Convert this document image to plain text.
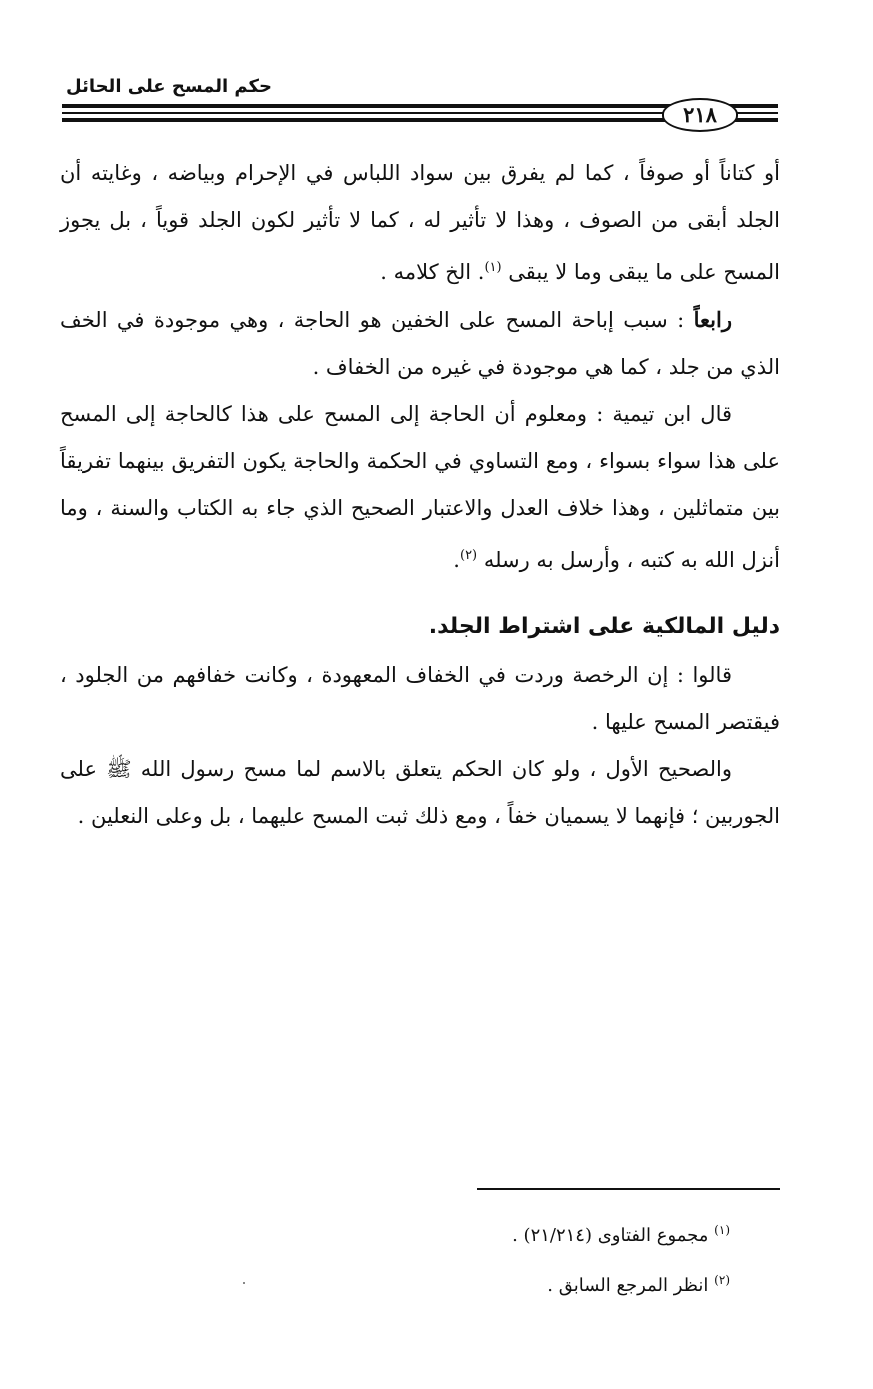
حكم المسح على الحائل
٢١٨

أو كتاناً أو صوفاً ، كما لم يفرق بين سواد اللباس في الإحرام وبياضه ، وغايته أن الجلد أبقى من الصوف ، وهذا لا تأثير له ، كما لا تأثير لكون الجلد قوياً ، بل يجوز المسح على ما يبقى وما لا يبقى $^{(١)}$. الخ كلامه .

رابعاً : سبب إباحة المسح على الخفين هو الحاجة ، وهي موجودة في الخف الذي من جلد ، كما هي موجودة في غيره من الخفاف .

قال ابن تيمية : ومعلوم أن الحاجة إلى المسح على هذا كالحاجة إلى المسح على هذا سواء بسواء ، ومع التساوي في الحكمة والحاجة يكون التفريق بينهما تفريقاً بين متماثلين ، وهذا خلاف العدل والاعتبار الصحيح الذي جاء به الكتاب والسنة ، وما أنزل الله به كتبه ، وأرسل به رسله $^{(٢)}$.

دليل المالكية على اشتراط الجلد.

قالوا : إن الرخصة وردت في الخفاف المعهودة ، وكانت خفافهم من الجلود ، فيقتصر المسح عليها .

والصحيح الأول ، ولو كان الحكم يتعلق بالاسم لما مسح رسول الله ﷺ على الجوربين ؛ فإنهما لا يسميان خفاً ، ومع ذلك ثبت المسح عليهما ، بل وعلى النعلين .

$^{(١)}$ مجموع الفتاوى (٢١/٢١٤) .
$^{(٢)}$ انظر المرجع السابق .
